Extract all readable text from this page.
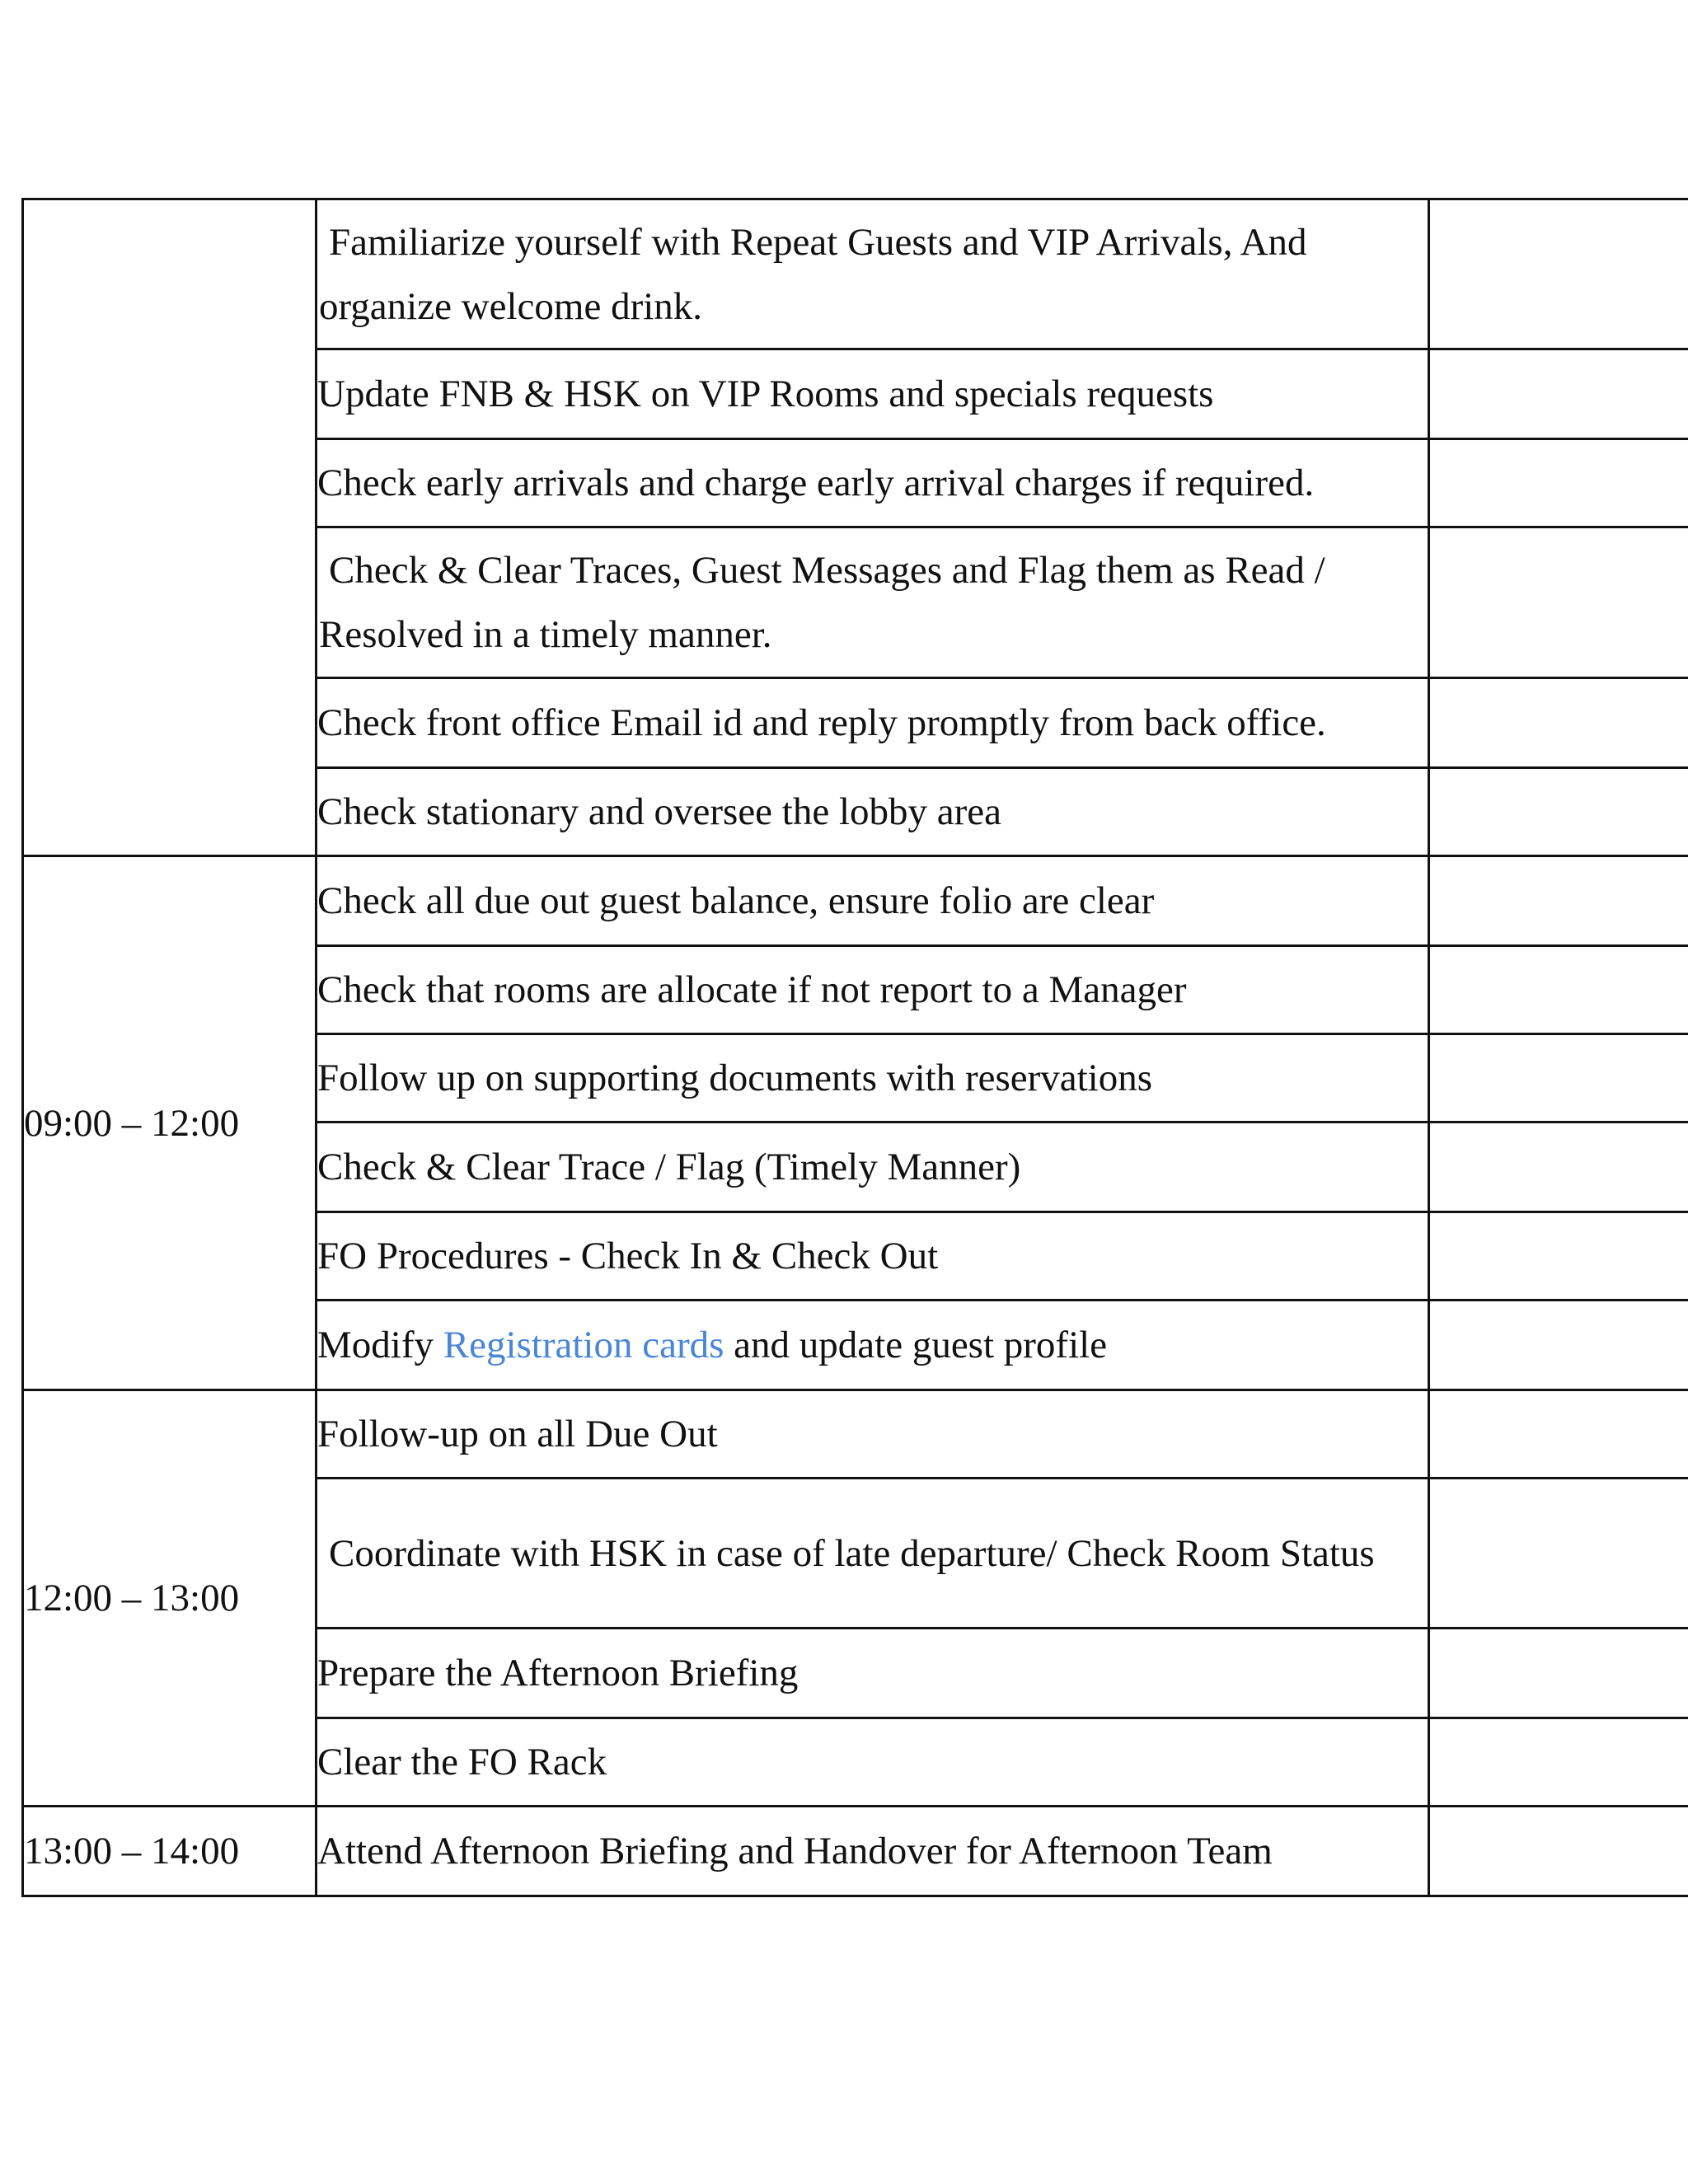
	Familiarize yourself with Repeat Guests and VIP Arrivals, And organize welcome drink.	
	Update FNB & HSK on VIP Rooms and specials requests	
	Check early arrivals and charge early arrival charges if required.	
	Check & Clear Traces, Guest Messages and Flag them as Read / Resolved in a timely manner.	
	Check front office Email id and reply promptly from back office.	
	Check stationary and oversee the lobby area	
09:00 – 12:00	Check all due out guest balance, ensure folio are clear	
	Check that rooms are allocate if not report to a Manager	
	Follow up on supporting documents with reservations	
	Check & Clear Trace / Flag (Timely Manner)	
	FO Procedures - Check In & Check Out	
	Modify Registration cards and update guest profile	
12:00 – 13:00	Follow-up on all Due Out	
	Coordinate with HSK in case of late departure/ Check Room Status	
	Prepare the Afternoon Briefing	
	Clear the FO Rack	
13:00 – 14:00	Attend Afternoon Briefing and Handover for Afternoon Team	
